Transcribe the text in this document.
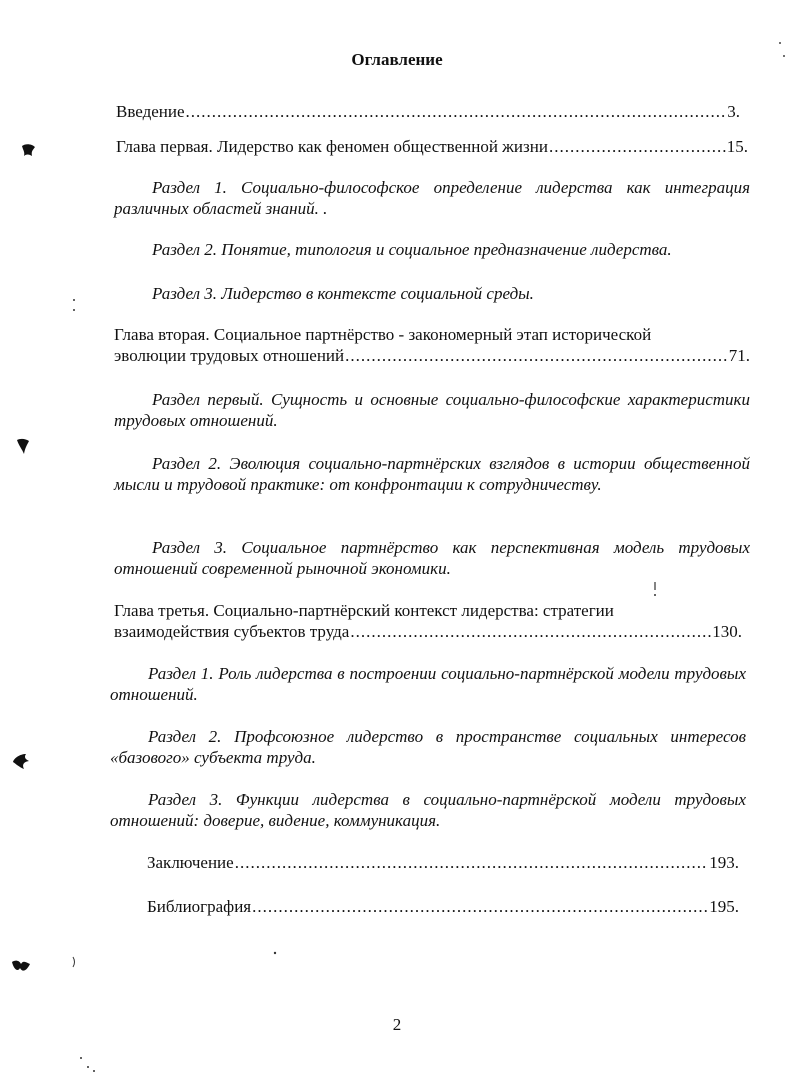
Оглавление
Введение .....	3.
Глава первая. Лидерство как феномен общественной жизни .....	15.
Раздел 1. Социально-философское определение лидерства как интеграция различных областей знаний. .
Раздел 2. Понятие, типология и социальное предназначение лидерства.
Раздел 3. Лидерство в контексте социальной среды.
Глава вторая. Социальное партнёрство - закономерный этап исторической
эволюции трудовых отношений .....	71.
Раздел первый. Сущность и основные социально-философские характеристики трудовых отношений.
Раздел 2. Эволюция социально-партнёрских взглядов в истории общественной мысли и трудовой практике: от конфронтации к сотрудничеству.
Раздел 3. Социальное партнёрство как перспективная модель трудовых отношений современной рыночной экономики.
Глава третья. Социально-партнёрский контекст лидерства: стратегии
взаимодействия субъектов труда .....	130.
Раздел 1. Роль лидерства в построении социально-партнёрской модели трудовых отношений.
Раздел 2. Профсоюзное лидерство в пространстве социальных интересов «базового» субъекта труда.
Раздел 3. Функции лидерства в социально-партнёрской модели трудовых отношений: доверие, видение, коммуникация.
Заключение .....	193.
Библиография .....	195.
2
